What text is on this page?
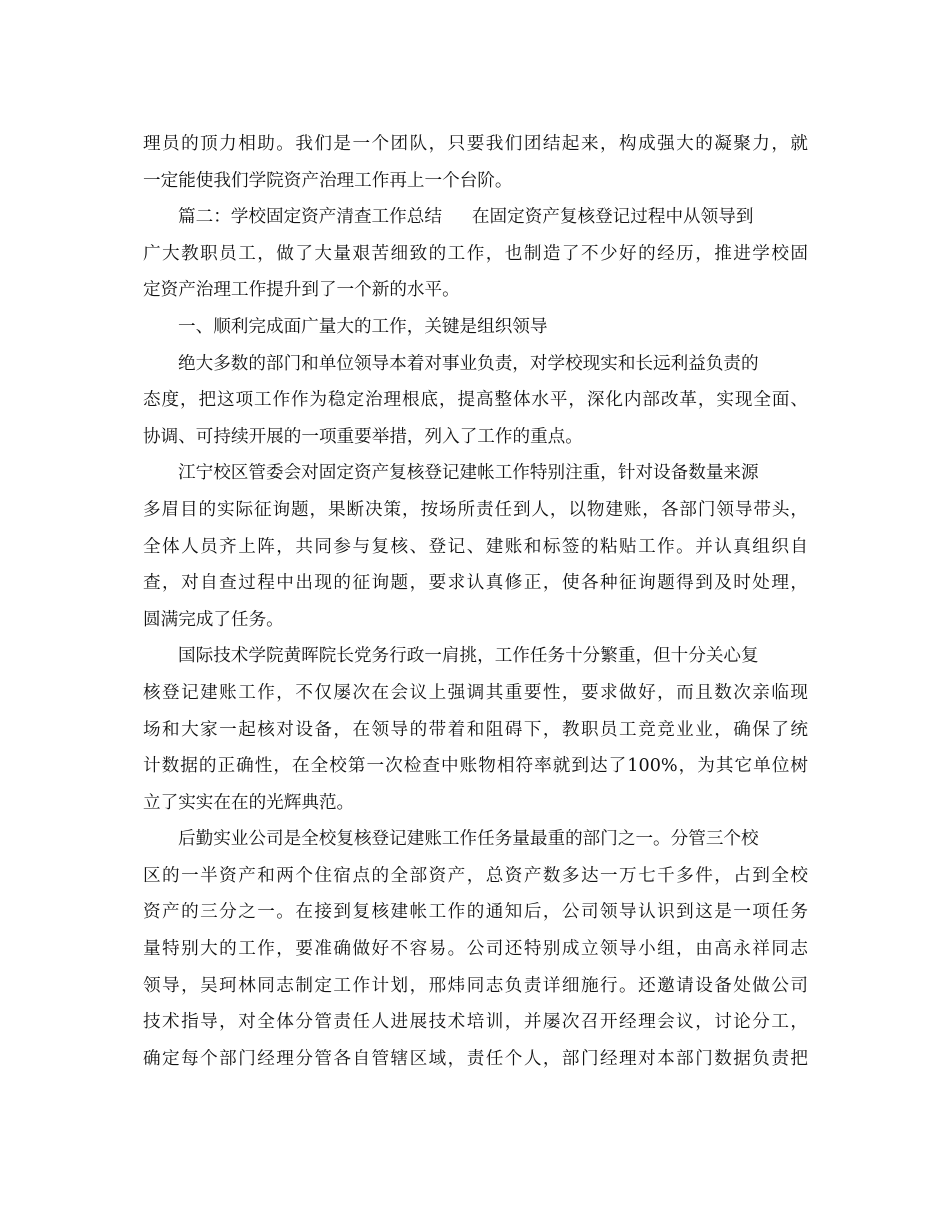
理员的顶力相助。我们是一个团队，只要我们团结起来，构成强大的凝聚力，就
一定能使我们学院资产治理工作再上一个台阶。
篇二：学校固定资产清查工作总结 在固定资产复核登记过程中从领导到
广大教职员工，做了大量艰苦细致的工作，也制造了不少好的经历，推进学校固
定资产治理工作提升到了一个新的水平。
一、顺利完成面广量大的工作，关键是组织领导
绝大多数的部门和单位领导本着对事业负责，对学校现实和长远利益负责的
态度，把这项工作作为稳定治理根底，提高整体水平，深化内部改革，实现全面、
协调、可持续开展的一项重要举措，列入了工作的重点。
江宁校区管委会对固定资产复核登记建帐工作特别注重，针对设备数量来源
多眉目的实际征询题，果断决策，按场所责任到人，以物建账，各部门领导带头，
全体人员齐上阵，共同参与复核、登记、建账和标签的粘贴工作。并认真组织自
查，对自查过程中出现的征询题，要求认真修正，使各种征询题得到及时处理，
圆满完成了任务。
国际技术学院黄晖院长党务行政一肩挑，工作任务十分繁重，但十分关心复
核登记建账工作，不仅屡次在会议上强调其重要性，要求做好，而且数次亲临现
场和大家一起核对设备，在领导的带着和阻碍下，教职员工竞竞业业，确保了统
计数据的正确性，在全校第一次检查中账物相符率就到达了100%，为其它单位树
立了实实在在的光辉典范。
后勤实业公司是全校复核登记建账工作任务量最重的部门之一。分管三个校
区的一半资产和两个住宿点的全部资产，总资产数多达一万七千多件，占到全校
资产的三分之一。在接到复核建帐工作的通知后，公司领导认识到这是一项任务
量特别大的工作，要准确做好不容易。公司还特别成立领导小组，由高永祥同志
领导，吴珂林同志制定工作计划，邢炜同志负责详细施行。还邀请设备处做公司
技术指导，对全体分管责任人进展技术培训，并屡次召开经理会议，讨论分工，
确定每个部门经理分管各自管辖区域，责任个人，部门经理对本部门数据负责把
